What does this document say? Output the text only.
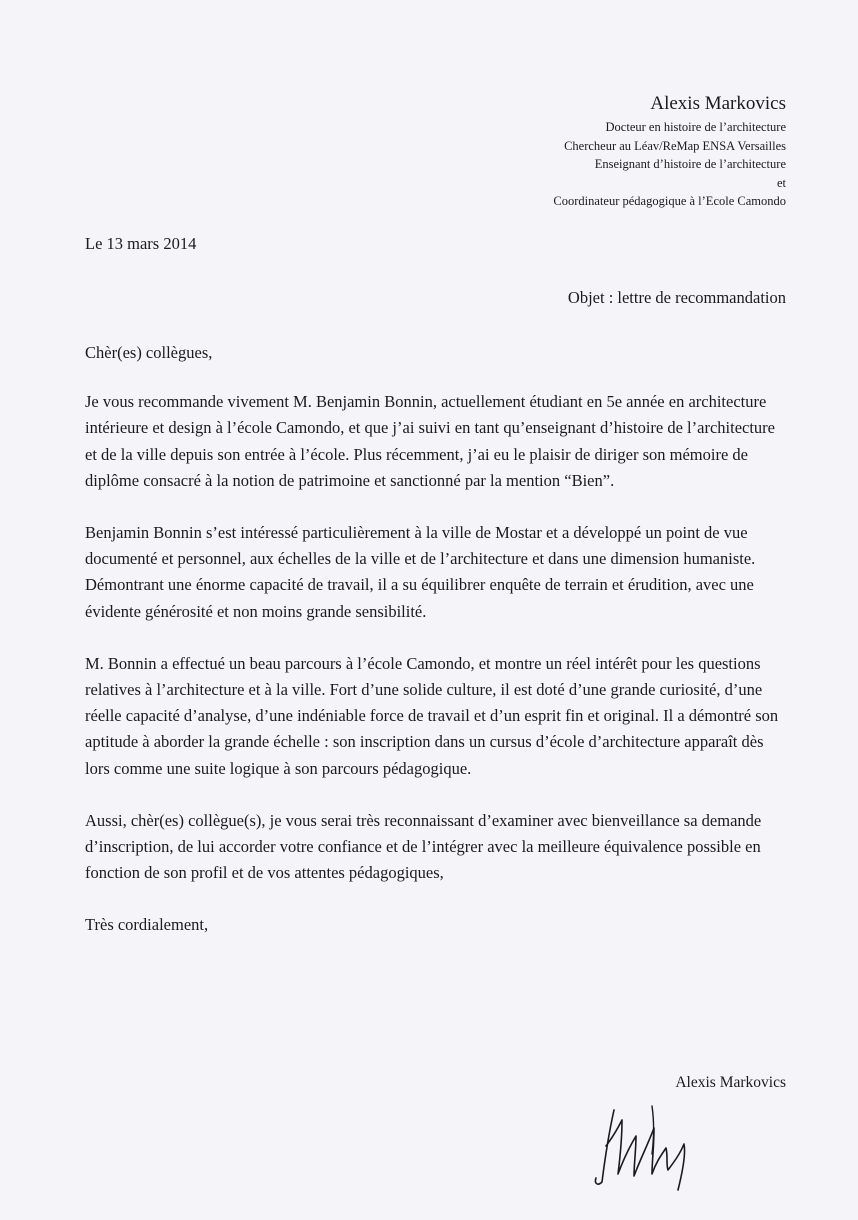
Alexis Markovics
Docteur en histoire de l’architecture
Chercheur au Léav/ReMap ENSA Versailles
Enseignant d’histoire de l’architecture
et
Coordinateur pédagogique à l’Ecole Camondo
Le 13 mars 2014
Objet : lettre de recommandation

Chèr(es) collègues,

Je vous recommande vivement M. Benjamin Bonnin, actuellement étudiant en 5e année en architecture intérieure et design à l’école Camondo, et que j’ai suivi en tant qu’enseignant d’histoire de l’architecture et de la ville depuis son entrée à l’école. Plus récemment, j’ai eu le plaisir de diriger son mémoire de diplôme consacré à la notion de patrimoine et sanctionné par la mention “Bien”.

Benjamin Bonnin s’est intéressé particulièrement à la ville de Mostar et a développé un point de vue documenté et personnel, aux échelles de la ville et de l’architecture et dans une dimension humaniste. Démontrant une énorme capacité de travail, il a su équilibrer enquête de terrain et érudition, avec une évidente générosité et non moins grande sensibilité.

M. Bonnin a effectué un beau parcours à l’école Camondo, et montre un réel intérêt pour les questions relatives à l’architecture et à la ville. Fort d’une solide culture, il est doté d’une grande curiosité, d’une réelle capacité d’analyse, d’une indéniable force de travail et d’un esprit fin et original. Il a démontré son aptitude à aborder la grande échelle : son inscription dans un cursus d’école d’architecture apparaît dès lors comme une suite logique à son parcours pédagogique.

Aussi, chèr(es) collègue(s), je vous serai très reconnaissant d’examiner avec bienveillance sa demande d’inscription, de lui accorder votre confiance et de l’intégrer avec la meilleure équivalence possible en fonction de son profil et de vos attentes pédagogiques,

Très cordialement,

Alexis Markovics
